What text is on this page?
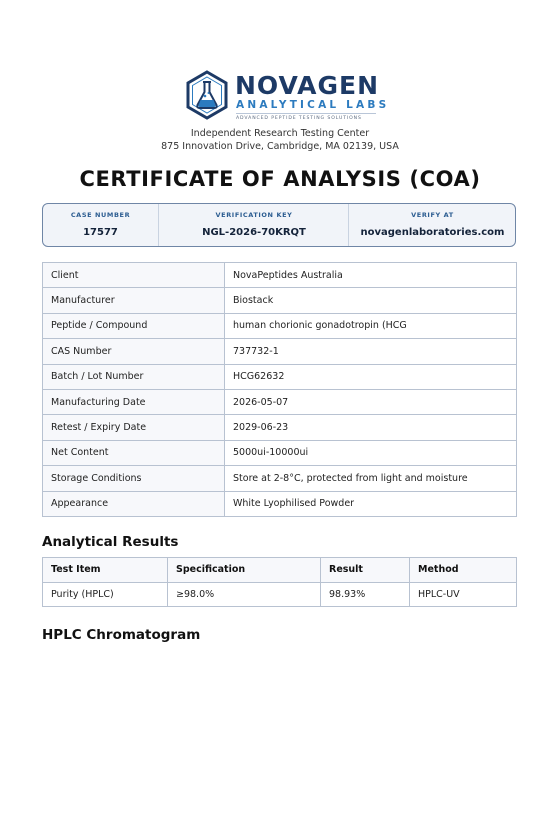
NOVAGEN
ANALYTICAL LABS
ADVANCED PEPTIDE TESTING SOLUTIONS
Independent Research Testing Center
875 Innovation Drive, Cambridge, MA 02139, USA
CERTIFICATE OF ANALYSIS (COA)
CASE NUMBER
17577
VERIFICATION KEY
NGL-2026-70KRQT
VERIFY AT
novagenlaboratories.com
Client	NovaPeptides Australia
Manufacturer	Biostack
Peptide / Compound	human chorionic gonadotropin (HCG
CAS Number	737732-1
Batch / Lot Number	HCG62632
Manufacturing Date	2026-05-07
Retest / Expiry Date	2029-06-23
Net Content	5000ui-10000ui
Storage Conditions	Store at 2-8°C, protected from light and moisture
Appearance	White Lyophilised Powder
Analytical Results
Test Item	Specification	Result	Method
Purity (HPLC)	≥98.0%	98.93%	HPLC-UV
HPLC Chromatogram
